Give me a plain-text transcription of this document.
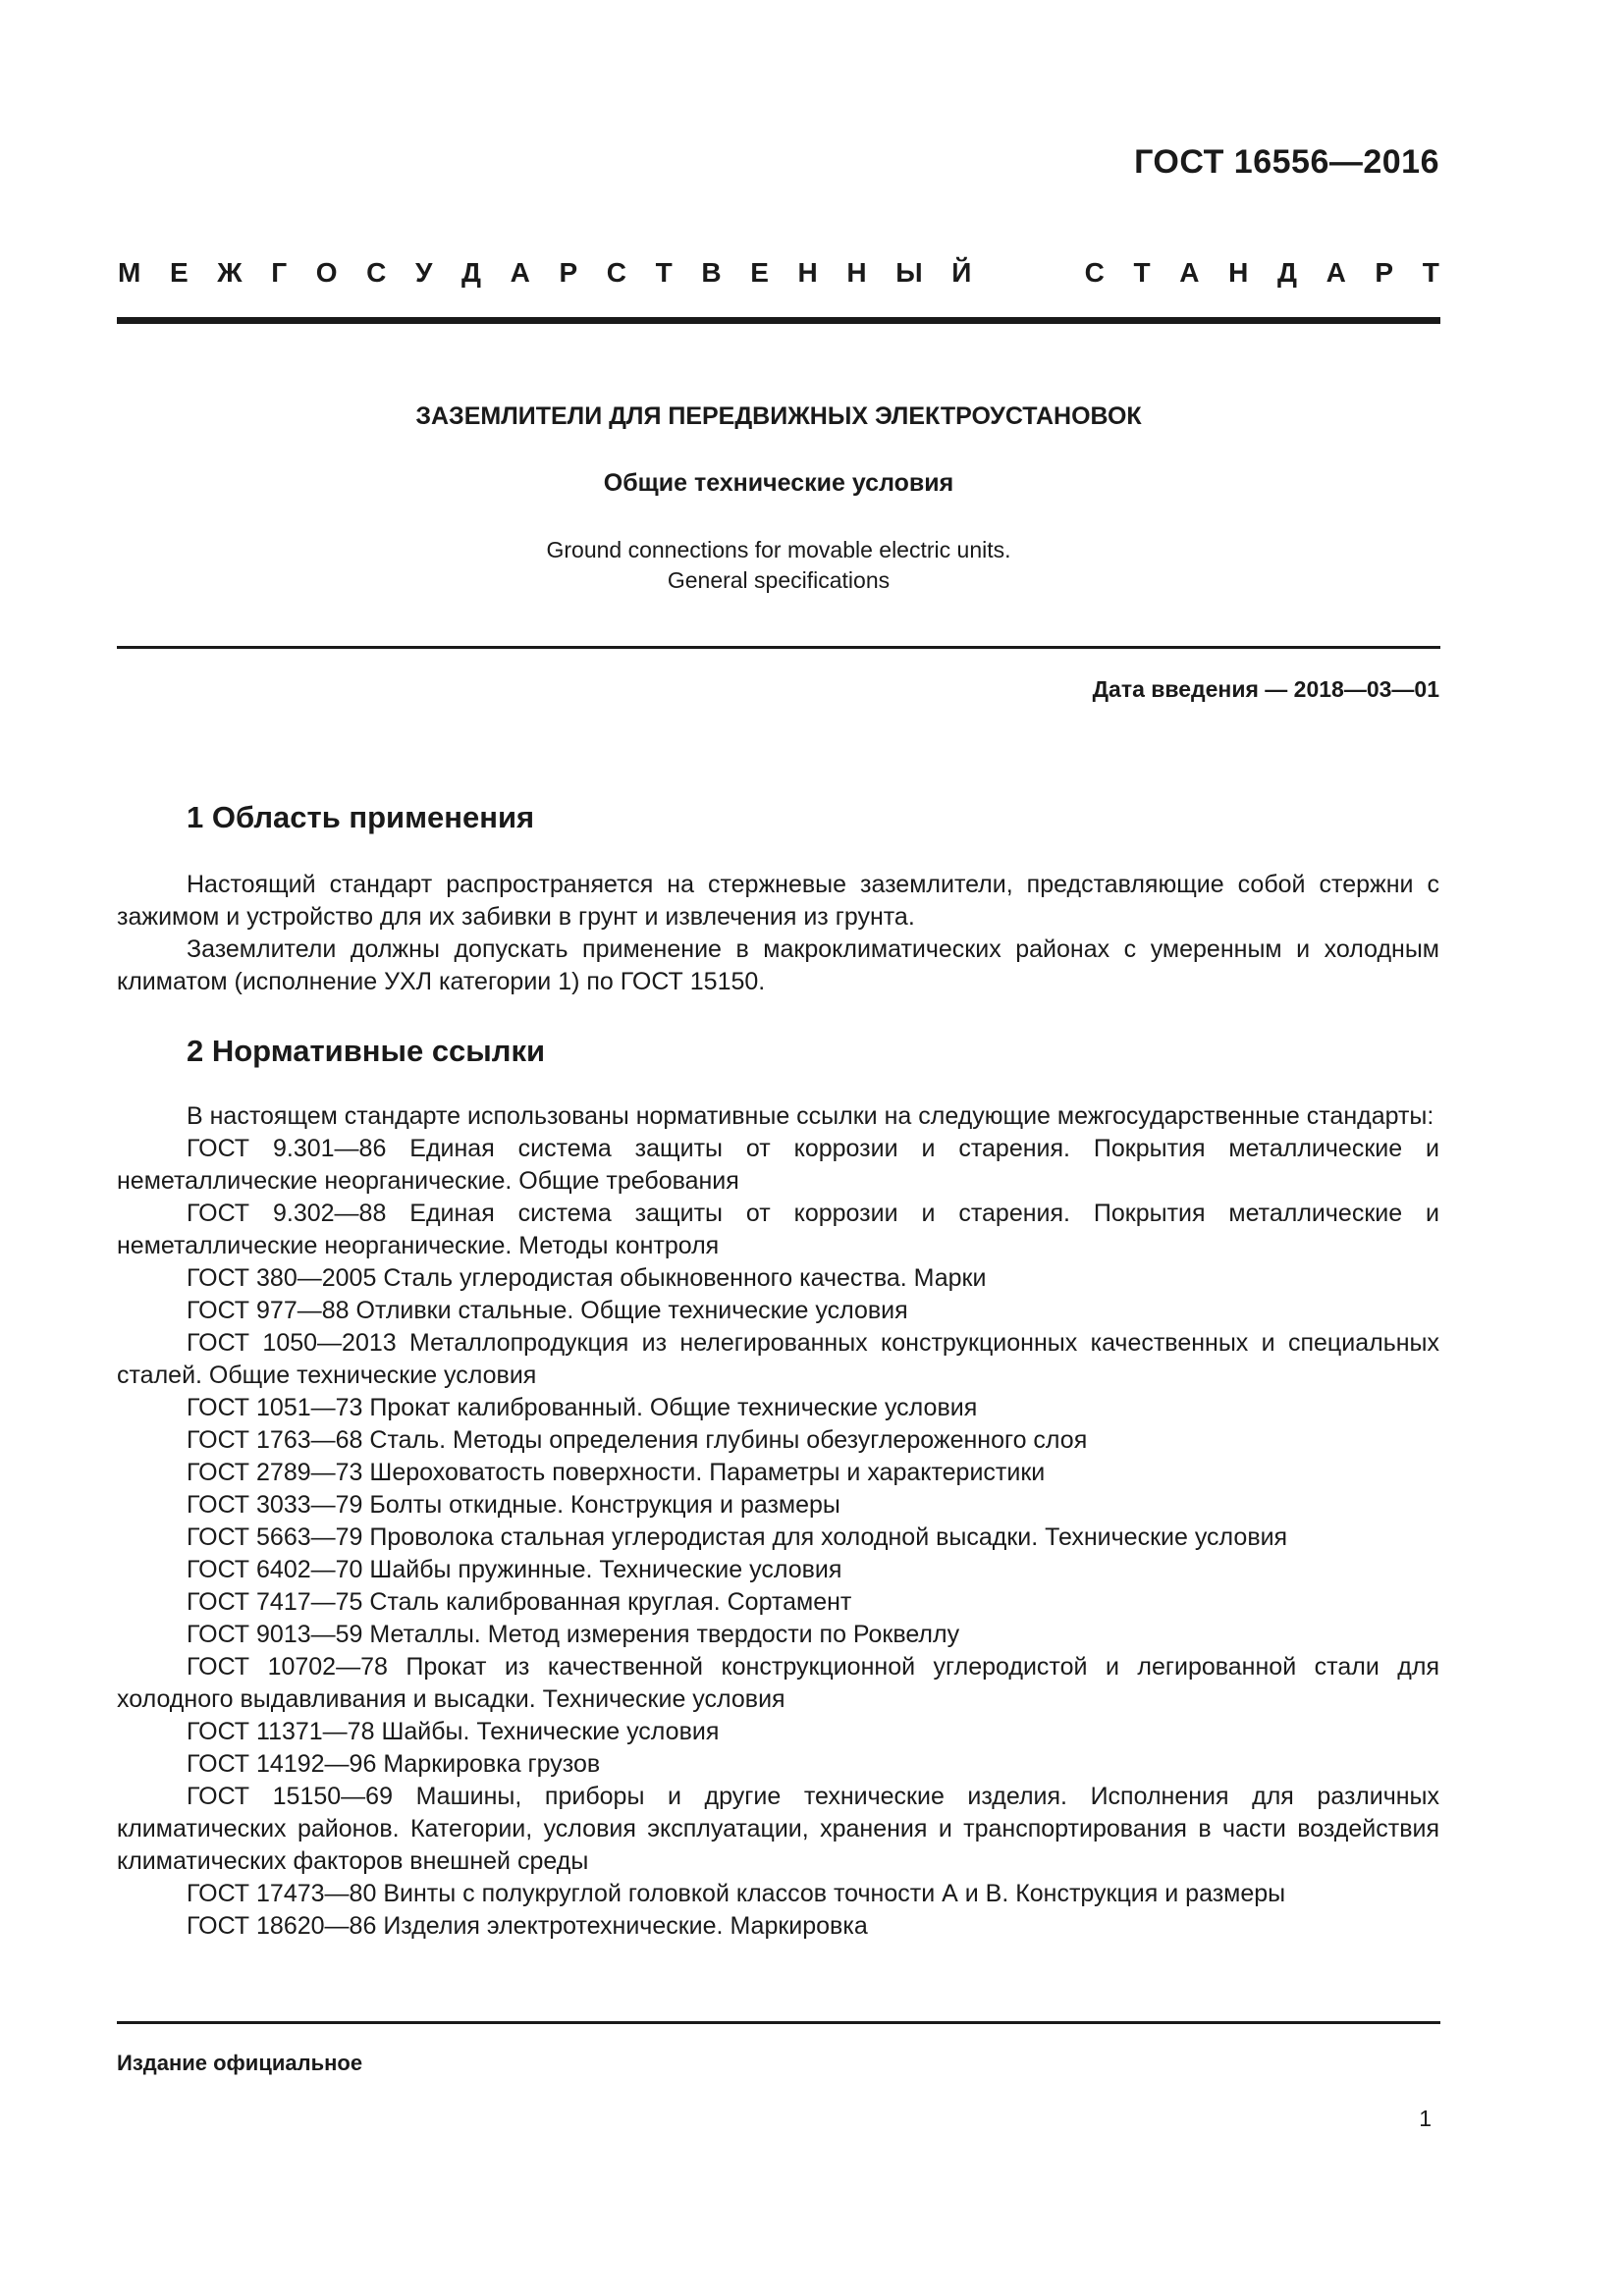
ГОСТ 16556—2016
М Е Ж Г О С У Д А Р С Т В Е Н Н Ы Й	С Т А Н Д А Р Т
ЗАЗЕМЛИТЕЛИ ДЛЯ ПЕРЕДВИЖНЫХ ЭЛЕКТРОУСТАНОВОК
Общие технические условия
Ground connections for movable electric units.
General specifications
Дата введения — 2018—03—01
1 Область применения

Настоящий стандарт распространяется на стержневые заземлители, представляющие собой стержни с зажимом и устройство для их забивки в грунт и извлечения из грунта.

Заземлители должны допускать применение в макроклиматических районах с умеренным и холодным климатом (исполнение УХЛ категории 1) по ГОСТ 15150.

2 Нормативные ссылки

В настоящем стандарте использованы нормативные ссылки на следующие межгосударственные стандарты:

ГОСТ 9.301—86 Единая система защиты от коррозии и старения. Покрытия металлические и неметаллические неорганические. Общие требования

ГОСТ 9.302—88 Единая система защиты от коррозии и старения. Покрытия металлические и неметаллические неорганические. Методы контроля

ГОСТ 380—2005 Сталь углеродистая обыкновенного качества. Марки

ГОСТ 977—88 Отливки стальные. Общие технические условия

ГОСТ 1050—2013 Металлопродукция из нелегированных конструкционных качественных и специальных сталей. Общие технические условия

ГОСТ 1051—73 Прокат калиброванный. Общие технические условия

ГОСТ 1763—68 Сталь. Методы определения глубины обезуглероженного слоя

ГОСТ 2789—73 Шероховатость поверхности. Параметры и характеристики

ГОСТ 3033—79 Болты откидные. Конструкция и размеры

ГОСТ 5663—79 Проволока стальная углеродистая для холодной высадки. Технические условия

ГОСТ 6402—70 Шайбы пружинные. Технические условия

ГОСТ 7417—75 Сталь калиброванная круглая. Сортамент

ГОСТ 9013—59 Металлы. Метод измерения твердости по Роквеллу

ГОСТ 10702—78 Прокат из качественной конструкционной углеродистой и легированной стали для холодного выдавливания и высадки. Технические условия

ГОСТ 11371—78 Шайбы. Технические условия

ГОСТ 14192—96 Маркировка грузов

ГОСТ 15150—69 Машины, приборы и другие технические изделия. Исполнения для различных климатических районов. Категории, условия эксплуатации, хранения и транспортирования в части воздействия климатических факторов внешней среды

ГОСТ 17473—80 Винты с полукруглой головкой классов точности А и В. Конструкция и размеры

ГОСТ 18620—86 Изделия электротехнические. Маркировка

Издание официальное
1
